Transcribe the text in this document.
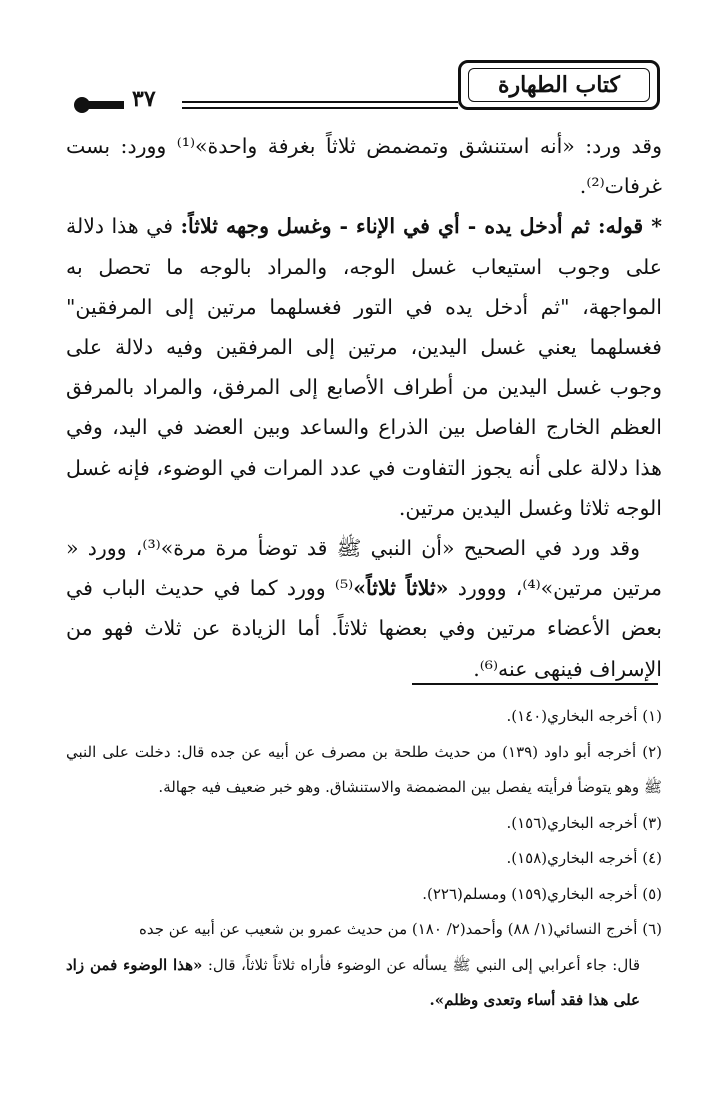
كتاب الطهارة
٣٧

وقد ورد: «أنه استنشق وتمضمض ثلاثاً بغرفة واحدة»⁽¹⁾ وورد: بست غرفات⁽²⁾.

* قوله: ثم أدخل يده - أي في الإناء - وغسل وجهه ثلاثاً: في هذا دلالة على وجوب استيعاب غسل الوجه، والمراد بالوجه ما تحصل به المواجهة، "ثم أدخل يده في التور فغسلهما مرتين إلى المرفقين" فغسلهما يعني غسل اليدين، مرتين إلى المرفقين وفيه دلالة على وجوب غسل اليدين من أطراف الأصابع إلى المرفق، والمراد بالمرفق العظم الخارج الفاصل بين الذراع والساعد وبين العضد في اليد، وفي هذا دلالة على أنه يجوز التفاوت في عدد المرات في الوضوء، فإنه غسل الوجه ثلاثا وغسل اليدين مرتين.

وقد ورد في الصحيح «أن النبي ﷺ قد توضأ مرة مرة»⁽³⁾، وورد « مرتين مرتين»⁽⁴⁾، ووورد «ثلاثاً ثلاثاً»⁽⁵⁾ وورد كما في حديث الباب في بعض الأعضاء مرتين وفي بعضها ثلاثاً. أما الزيادة عن ثلاث فهو من الإسراف فينهى عنه⁽⁶⁾.

(١) أخرجه البخاري(١٤٠).

(٢) أخرجه أبو داود (١٣٩) من حديث طلحة بن مصرف عن أبيه عن جده قال: دخلت على النبي ﷺ وهو يتوضأ فرأيته يفصل بين المضمضة والاستنشاق. وهو خبر ضعيف فيه جهالة.

(٣) أخرجه البخاري(١٥٦).

(٤) أخرجه البخاري(١٥٨).

(٥) أخرجه البخاري(١٥٩) ومسلم(٢٢٦).

(٦) أخرج النسائي(١/ ٨٨) وأحمد(٢/ ١٨٠) من حديث عمرو بن شعيب عن أبيه عن جده

قال: جاء أعرابي إلى النبي ﷺ يسأله عن الوضوء فأراه ثلاثاً ثلاثاً، قال: «هذا الوضوء فمن زاد على هذا فقد أساء وتعدى وظلم».
